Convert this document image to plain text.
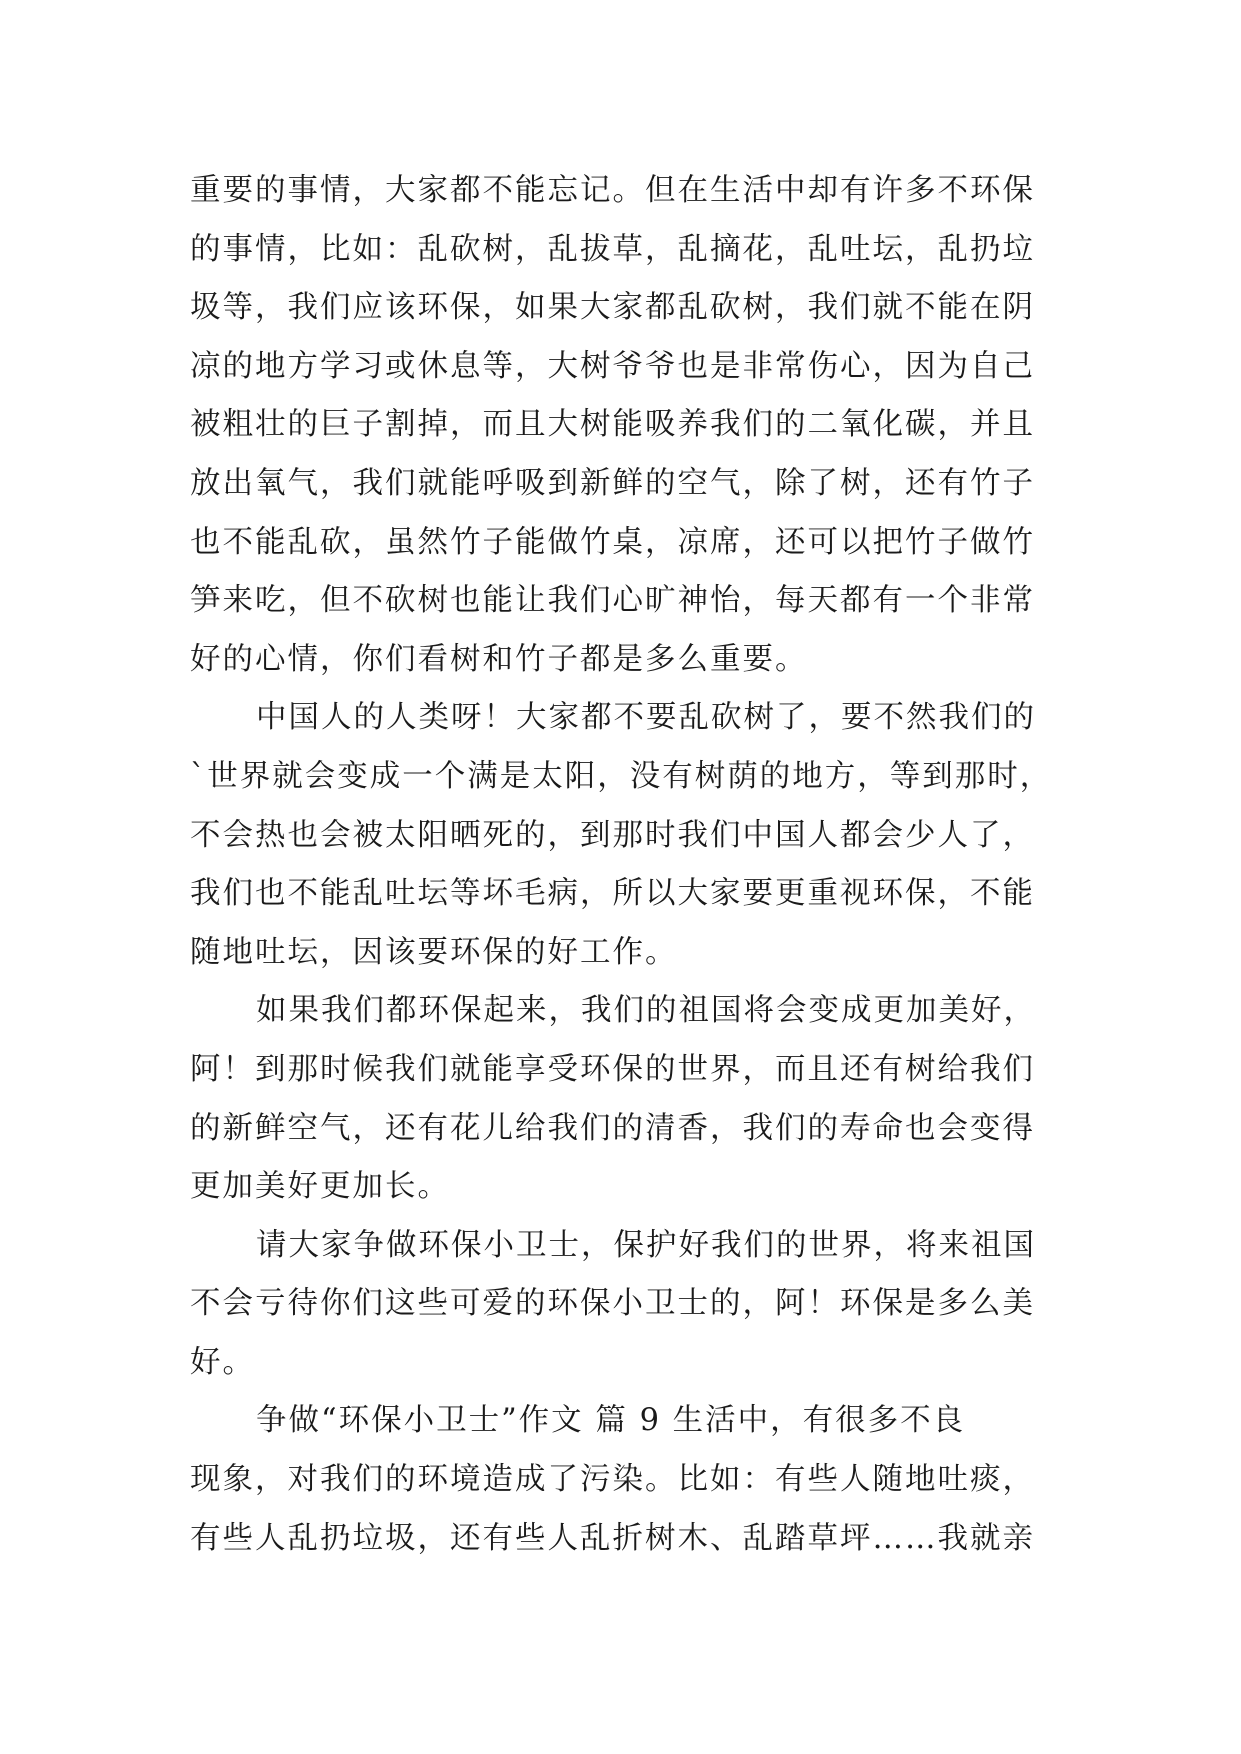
重要的事情，大家都不能忘记。但在生活中却有许多不环保
的事情，比如：乱砍树，乱拔草，乱摘花，乱吐坛，乱扔垃
圾等，我们应该环保，如果大家都乱砍树，我们就不能在阴
凉的地方学习或休息等，大树爷爷也是非常伤心，因为自己
被粗壮的巨子割掉，而且大树能吸养我们的二氧化碳，并且
放出氧气，我们就能呼吸到新鲜的空气，除了树，还有竹子
也不能乱砍，虽然竹子能做竹桌，凉席，还可以把竹子做竹
笋来吃，但不砍树也能让我们心旷神怡，每天都有一个非常
好的心情，你们看树和竹子都是多么重要。
中国人的人类呀！大家都不要乱砍树了，要不然我们的
`世界就会变成一个满是太阳，没有树荫的地方，等到那时，
不会热也会被太阳晒死的，到那时我们中国人都会少人了，
我们也不能乱吐坛等坏毛病，所以大家要更重视环保，不能
随地吐坛，因该要环保的好工作。
如果我们都环保起来，我们的祖国将会变成更加美好，
阿！到那时候我们就能享受环保的世界，而且还有树给我们
的新鲜空气，还有花儿给我们的清香，我们的寿命也会变得
更加美好更加长。
请大家争做环保小卫士，保护好我们的世界，将来祖国
不会亏待你们这些可爱的环保小卫士的，阿！环保是多么美
好。
争做“环保小卫士”作文 篇 9 生活中，有很多不良
现象，对我们的环境造成了污染。比如：有些人随地吐痰，
有些人乱扔垃圾，还有些人乱折树木、乱踏草坪……我就亲
